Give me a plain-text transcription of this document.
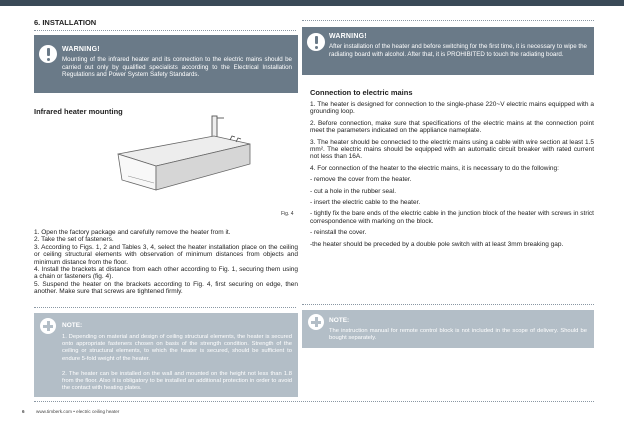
6. INSTALLATION
WARNING!
Mounting of the infrared heater and its connection to the electric mains should be carried out only by qualified specialists according to the Electrical Installation Regulations and Power System Safety Standards.
Infrared heater mounting
Fig. 4

1. Open the factory package and carefully remove the heater from it.

2. Take the set of fasteners.

3. According to Figs. 1, 2 and Tables 3, 4, select the heater installation place on the ceiling or ceiling structural elements with observation of minimum distances from objects and minimum distance from the floor.

4. Install the brackets at distance from each other according to Fig. 1, securing them using a chain or fasteners (fig. 4).

5. Suspend the heater on the brackets according to Fig. 4, first securing on edge, then another. Make sure that screws are tightened firmly.

NOTE:
1. Depending on material and design of ceiling structural elements, the heater is secured onto appropriate fasteners chosen on basis of the strength condition. Strength of the ceiling or structural elements, to which the heater is secured, should be sufficient to endure 5-fold weight of the heater.
2. The heater can be installed on the wall and mounted on the height not less than 1.8 from the floor. Also it is obligatory to be installed an additional protection in order to avoid the contact with heating plates.
WARNING!
After installation of the heater and before switching for the first time, it is necessary to wipe the radiating board with alcohol. After that, it is PROHIBITED to touch the radiating board.
Connection to electric mains

1. The heater is designed for connection to the single-phase 220~V electric mains equipped with a grounding loop.

2. Before connection, make sure that specifications of the electric mains at the connection point meet the parameters indicated on the appliance nameplate.

3. The heater should be connected to the electric mains using a cable with wire section at least 1.5 mm². The electric mains should be equipped with an automatic circuit breaker with rated current not less than 16A.

4. For connection of the heater to the electric mains, it is necessary to do the following:

- remove the cover from the heater.

- cut a hole in the rubber seal.

- insert the electric cable to the heater.

- tightly fix the bare ends of the electric cable in the junction block of the heater with screws in strict correspondence with marking on the block.

- reinstall the cover.

-the heater should be preceded by a double pole switch with at least 3mm breaking gap.

NOTE:
The instruction manual for remote control block is not included in the scope of delivery. Should be bought separately.
6 www.timberk.com • electric ceiling heater
